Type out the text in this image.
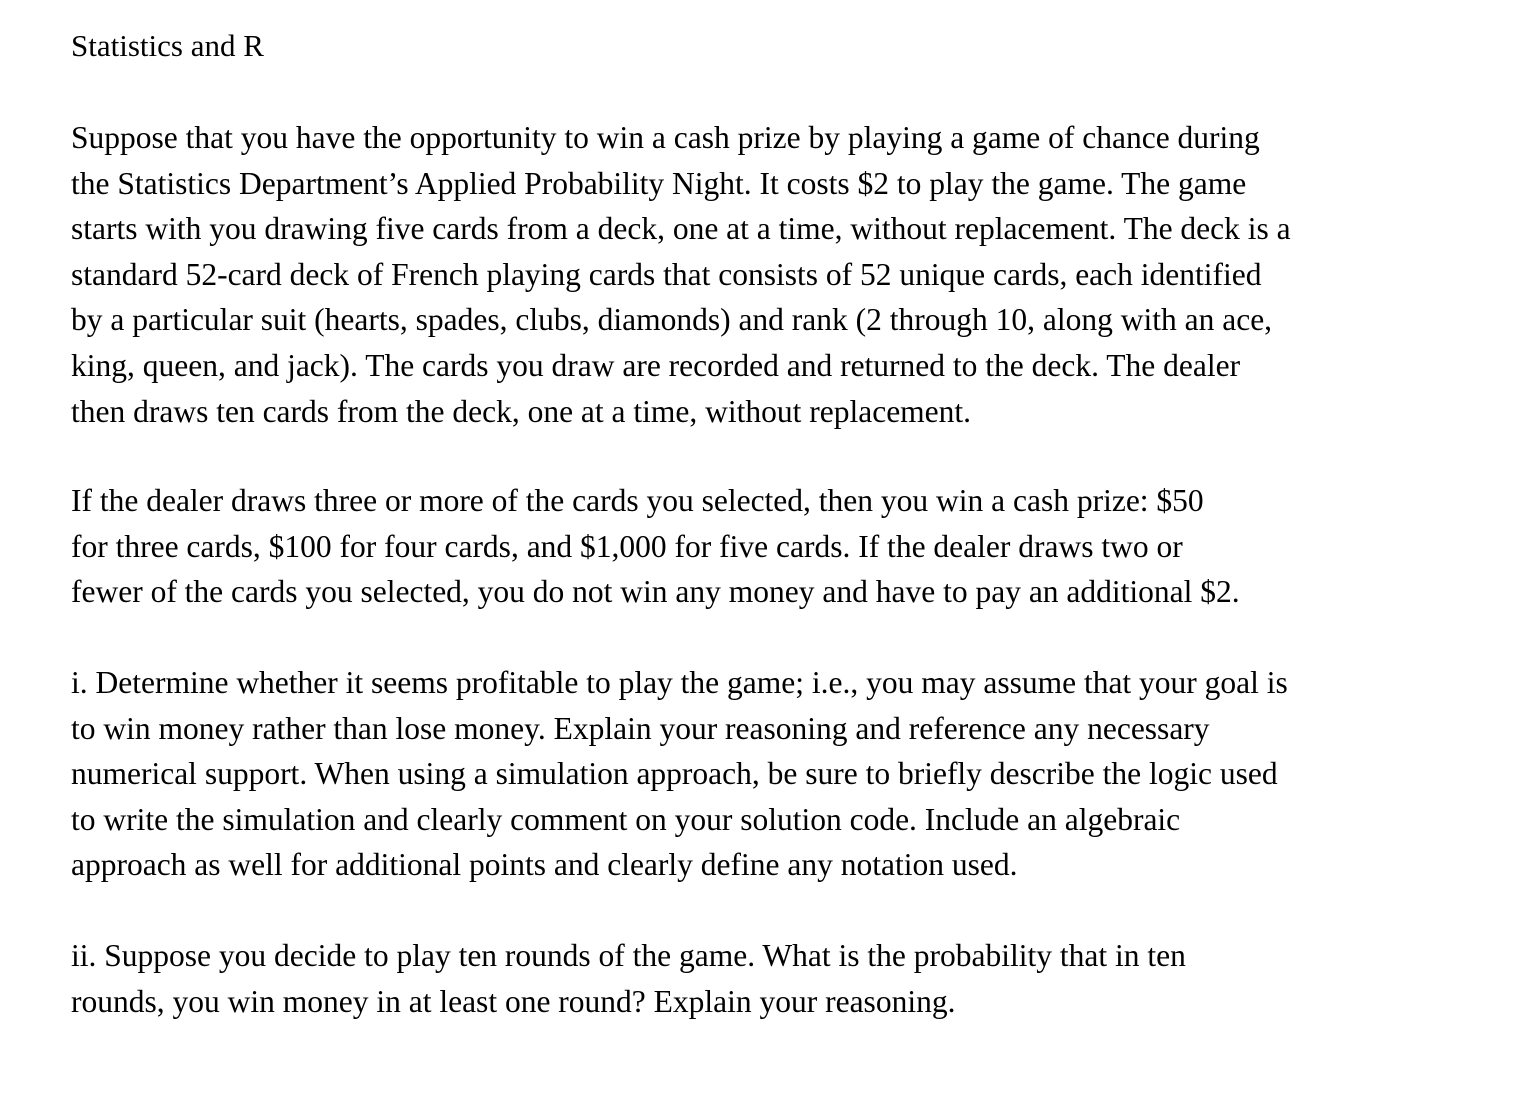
Statistics and R
Suppose that you have the opportunity to win a cash prize by playing a game of chance during
the Statistics Department’s Applied Probability Night. It costs $2 to play the game. The game
starts with you drawing five cards from a deck, one at a time, without replacement. The deck is a
standard 52-card deck of French playing cards that consists of 52 unique cards, each identified
by a particular suit (hearts, spades, clubs, diamonds) and rank (2 through 10, along with an ace,
king, queen, and jack). The cards you draw are recorded and returned to the deck. The dealer
then draws ten cards from the deck, one at a time, without replacement.
If the dealer draws three or more of the cards you selected, then you win a cash prize: $50
for three cards, $100 for four cards, and $1,000 for five cards. If the dealer draws two or
fewer of the cards you selected, you do not win any money and have to pay an additional $2.
i. Determine whether it seems profitable to play the game; i.e., you may assume that your goal is
to win money rather than lose money. Explain your reasoning and reference any necessary
numerical support. When using a simulation approach, be sure to briefly describe the logic used
to write the simulation and clearly comment on your solution code. Include an algebraic
approach as well for additional points and clearly define any notation used.
ii. Suppose you decide to play ten rounds of the game. What is the probability that in ten
rounds, you win money in at least one round? Explain your reasoning.
